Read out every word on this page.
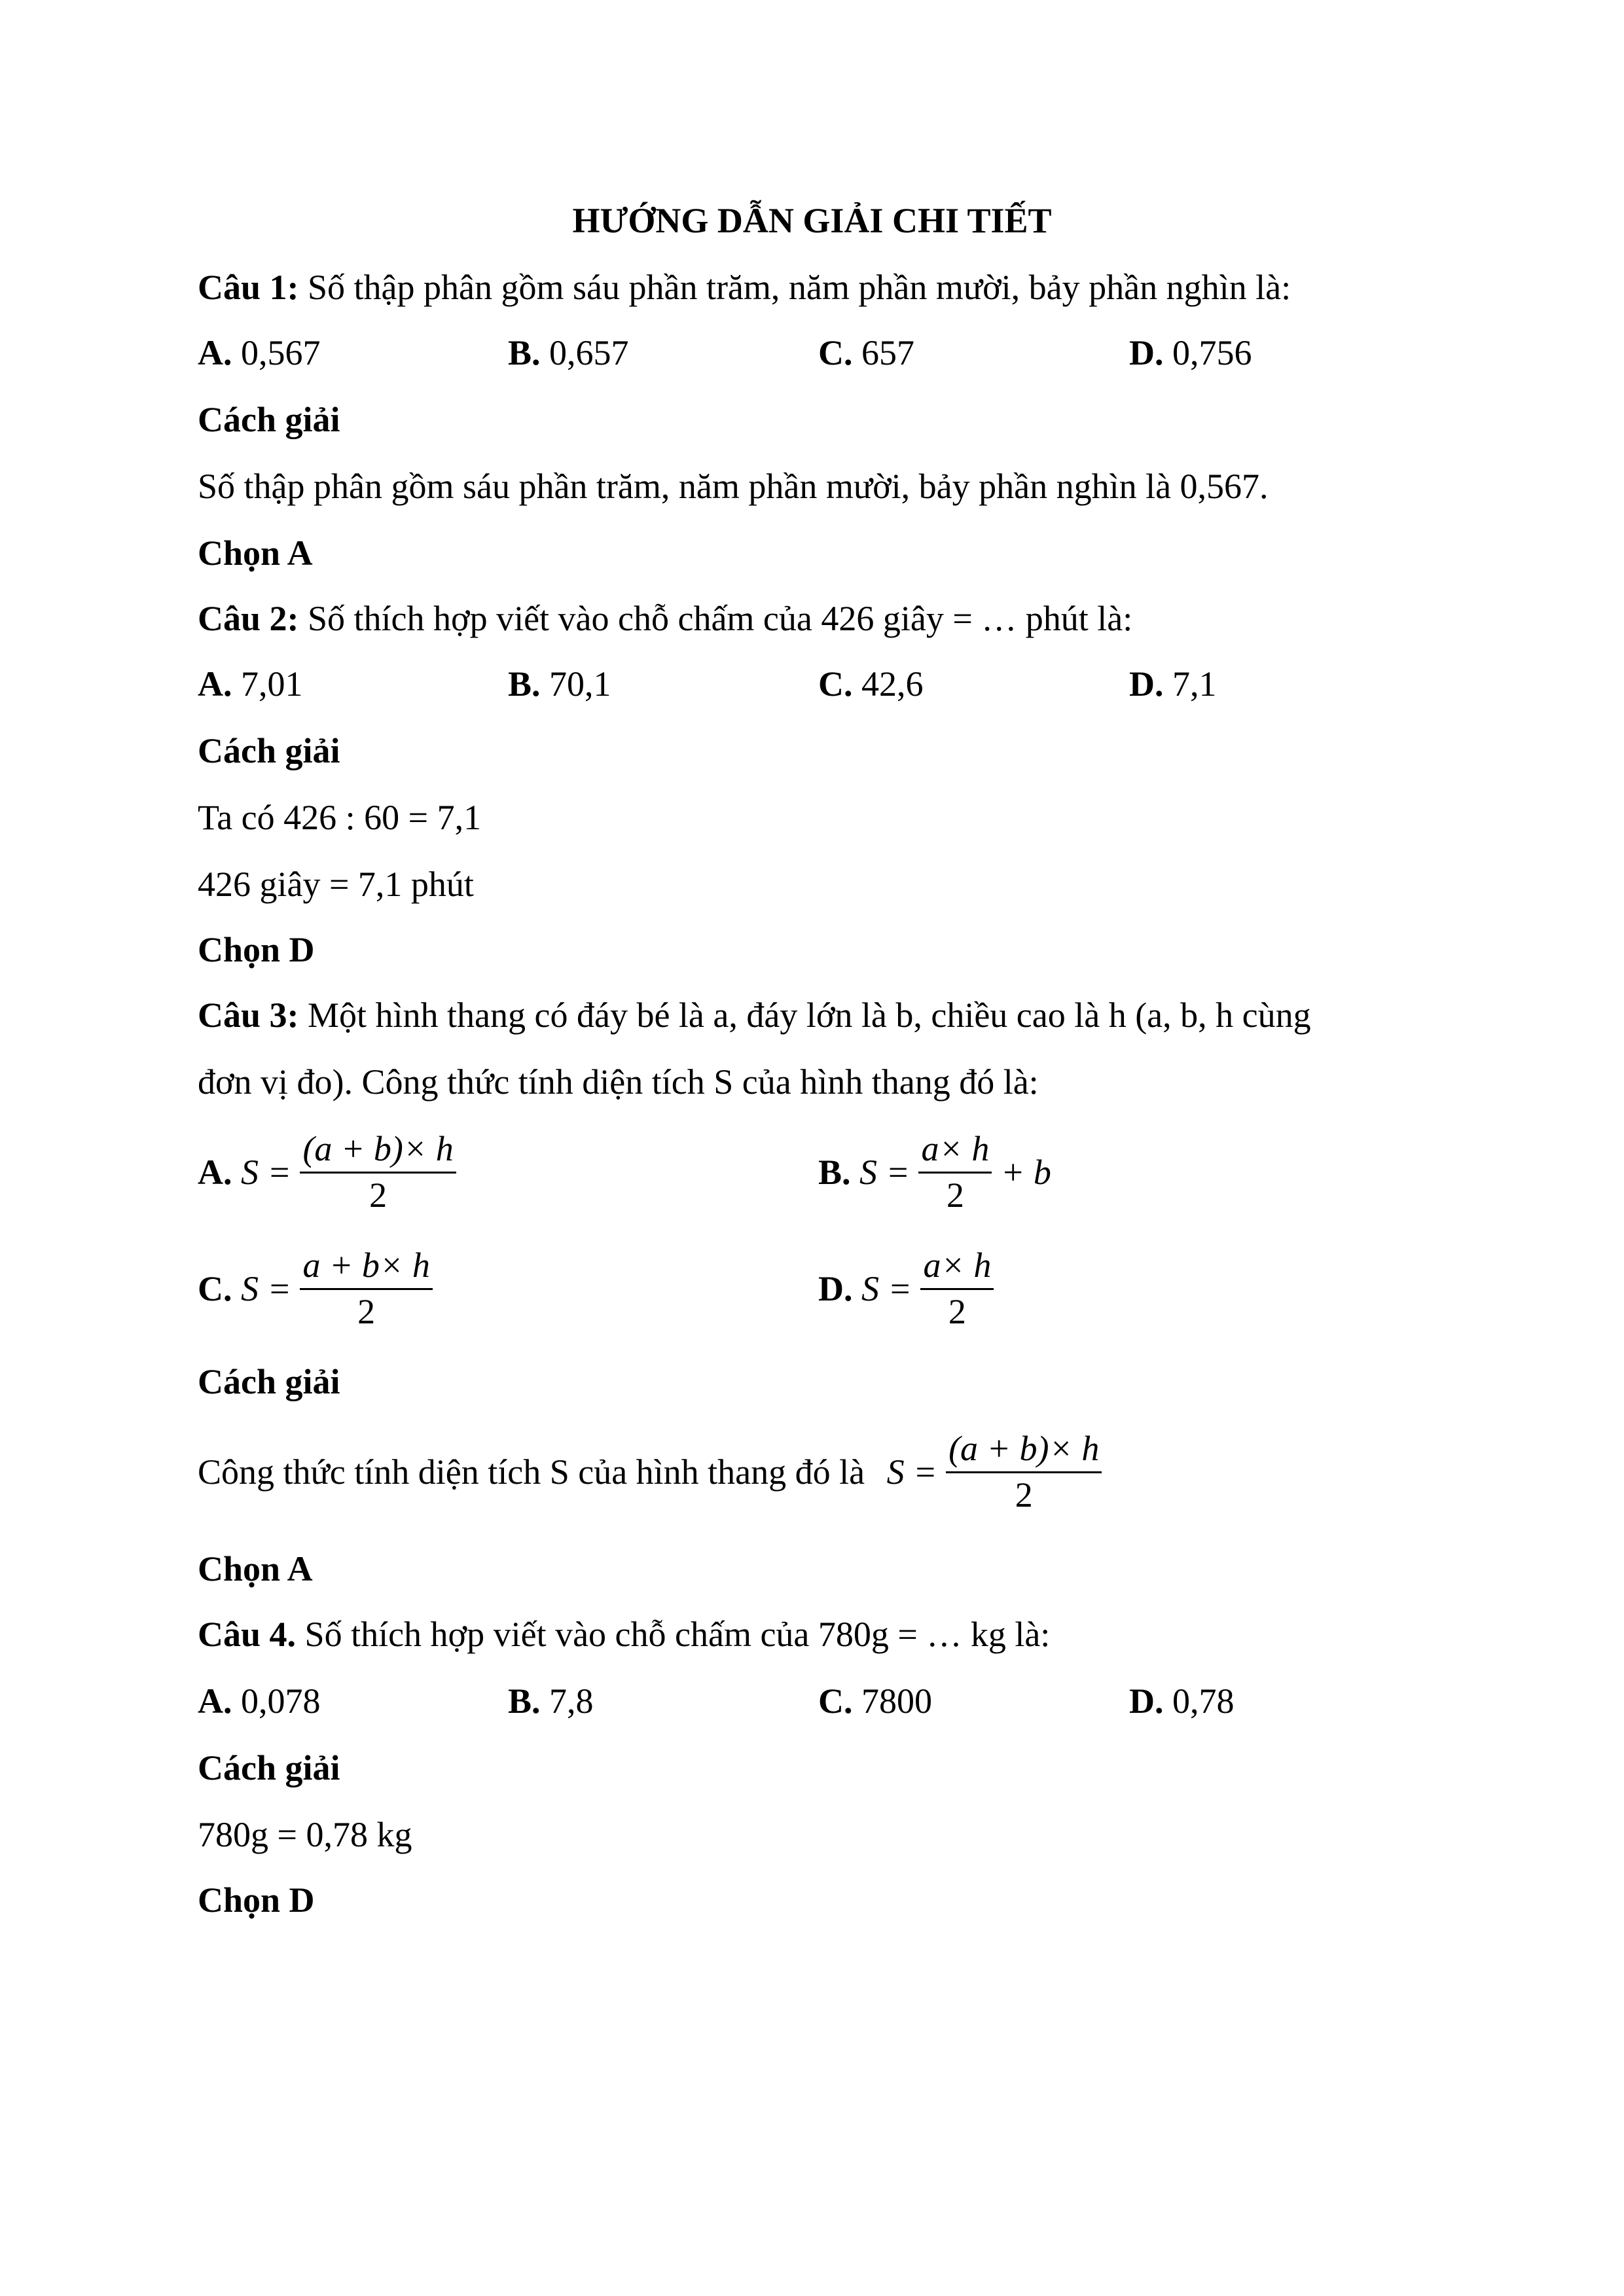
HƯỚNG DẪN GIẢI CHI TIẾT
Câu 1: Số thập phân gồm sáu phần trăm, năm phần mười, bảy phần nghìn là:
A. 0,567	B. 0,657	C. 657	D. 0,756
Cách giải
Số thập phân gồm sáu phần trăm, năm phần mười, bảy phần nghìn là 0,567.
Chọn A
Câu 2: Số thích hợp viết vào chỗ chấm của 426 giây = … phút là:
A. 7,01	B. 70,1	C. 42,6	D. 7,1
Cách giải
Ta có 426 : 60 = 7,1
426 giây = 7,1 phút
Chọn D
Câu 3: Một hình thang có đáy bé là a, đáy lớn là b, chiều cao là h (a, b, h cùng
đơn vị đo). Công thức tính diện tích S của hình thang đó là:
A. $S = \frac{(a + b)\times h}{2}$	B. $S = \frac{a\times h}{2} + b$
C. $S = \frac{a + b\times h}{2}$	D. $S = \frac{a\times h}{2}$
Cách giải
Công thức tính diện tích S của hình thang đó là $S = \frac{(a + b)\times h}{2}$
Chọn A
Câu 4. Số thích hợp viết vào chỗ chấm của 780g = … kg là:
A. 0,078	B. 7,8	C. 7800	D. 0,78
Cách giải
780g = 0,78 kg
Chọn D
